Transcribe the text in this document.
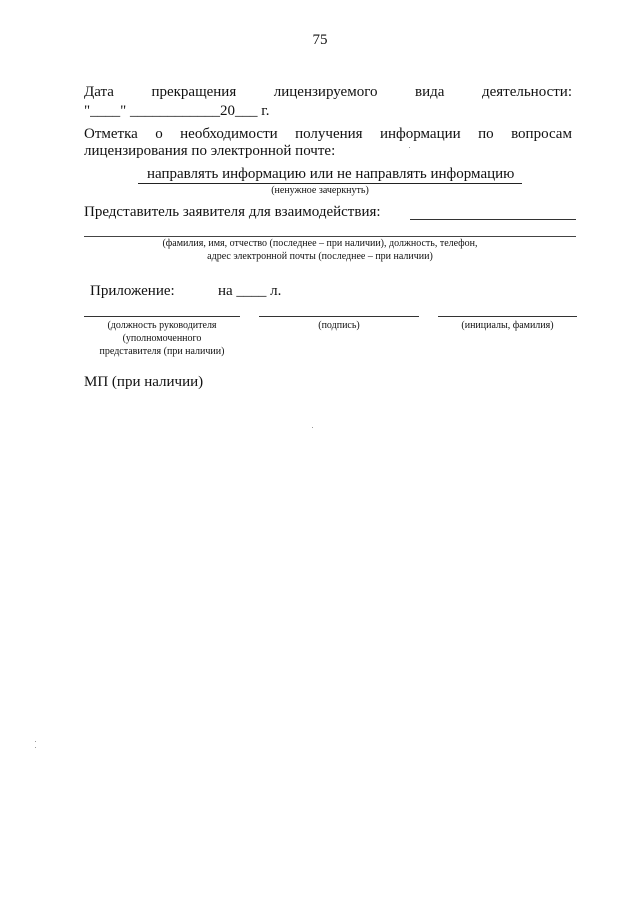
75
Дата	прекращения	лицензируемого	вида	деятельности:
"____" ____________20___ г.
Отметка о необходимости получения информации по вопросам
лицензирования по электронной почте:
направлять информацию или не направлять информацию
(ненужное зачеркнуть)
Представитель заявителя для взаимодействия:
(фамилия, имя, отчество (последнее – при наличии), должность, телефон,
адрес электронной почты (последнее – при наличии)
Приложение:	на ____ л.
(должность руководителя
(уполномоченного
представителя (при наличии)
(подпись)	(инициалы, фамилия)
МП (при наличии)
